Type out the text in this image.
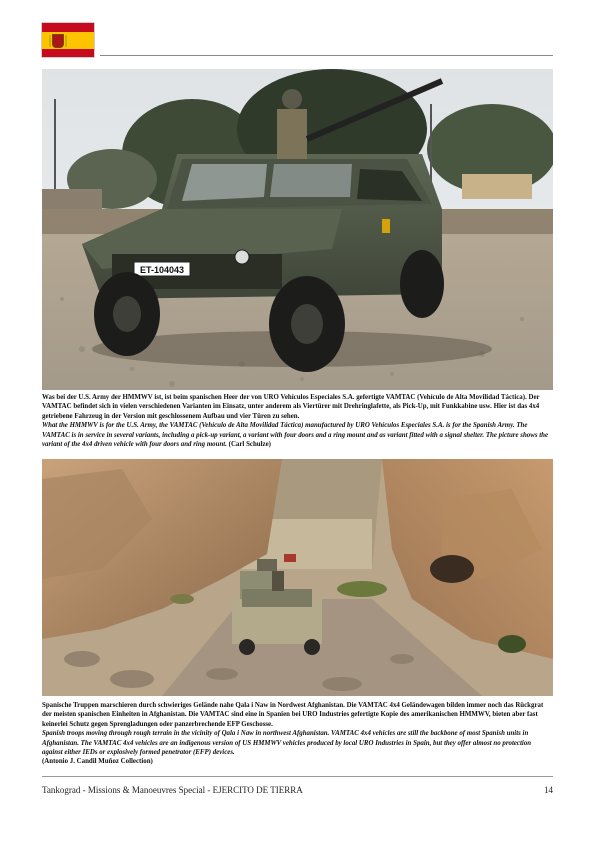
ET-104043

Was bei der U.S. Army der HMMWV ist, ist beim spanischen Heer der von URO Vehículos Especiales S.A. gefertigte VAMTAC (Vehículo de Alta Movilidad Táctica). Der VAMTAC befindet sich in vielen verschiedenen Varianten im Einsatz, unter anderem als Viertürer mit Drehringlafette, als Pick-Up, mit Funkkabine usw. Hier ist das 4x4 getriebene Fahrzeug in der Version mit geschlossenem Aufbau und vier Türen zu sehen.

What the HMMWV is for the U.S. Army, the VAMTAC (Vehículo de Alta Movilidad Táctica) manufactured by URO Vehículos Especiales S.A. is for the Spanish Army. The VAMTAC is in service in several variants, including a pick-up variant, a variant with four doors and a ring mount and as variant fitted with a signal shelter. The picture shows the variant of the 4x4 driven vehicle with four doors and ring mount. (Carl Schulze)

Spanische Truppen marschieren durch schwieriges Gelände nahe Qala i Naw in Nordwest Afghanistan. Die VAMTAC 4x4 Geländewagen bilden immer noch das Rückgrat der meisten spanischen Einheiten in Afghanistan. Die VAMTAC sind eine in Spanien bei URO Industries gefertigte Kopie des amerikanischen HMMWV, bieten aber fast keinerlei Schutz gegen Sprengladungen oder panzerbrechende EFP Geschosse.

Spanish troops moving through rough terrain in the vicinity of Qala i Naw in northwest Afghanistan. VAMTAC 4x4 vehicles are still the backbone of most Spanish units in Afghanistan. The VAMTAC 4x4 vehicles are an indigenous version of US HMMWV vehicles produced by local URO Industries in Spain, but they offer almost no protection against either IEDs or explosively formed penetrator (EFP) devices.

(Antonio J. Candil Muñoz Collection)

Tankograd - Missions & Manoeuvres Special - EJERCITO DE TIERRA	14
